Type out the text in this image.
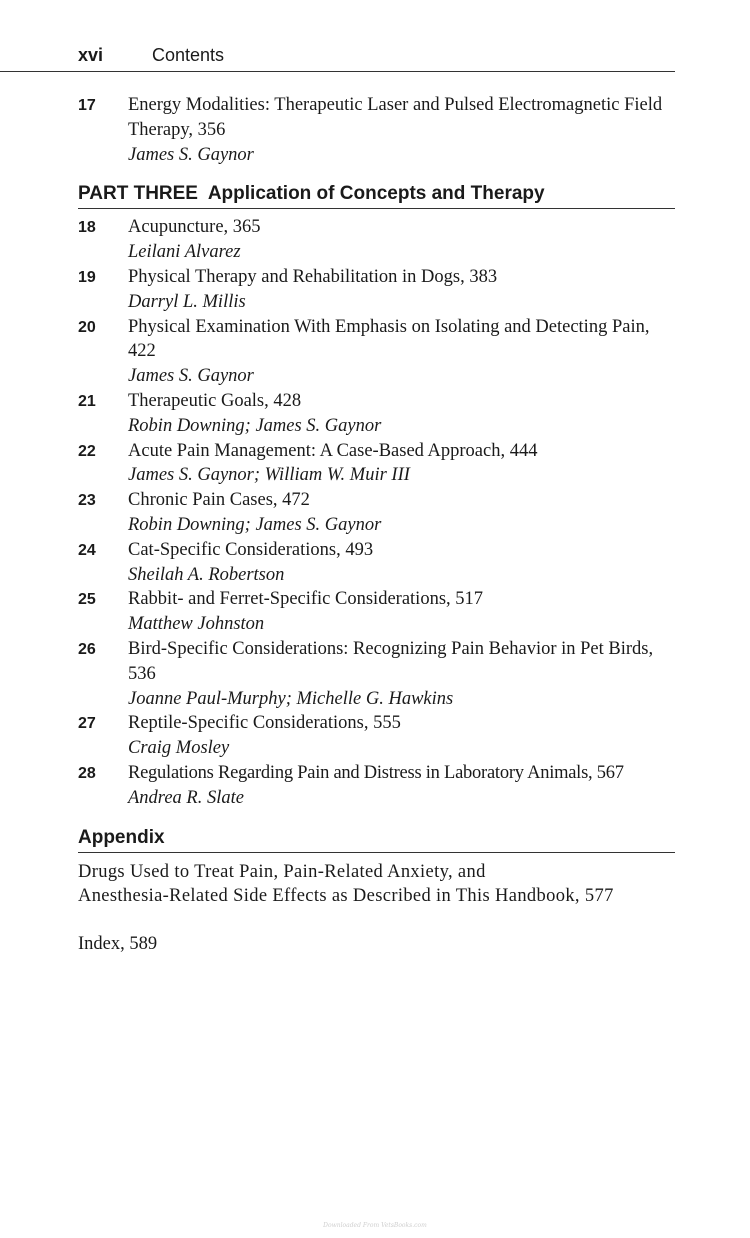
xvi	Contents
17	Energy Modalities: Therapeutic Laser and Pulsed Electromagnetic Field Therapy, 356
James S. Gaynor
PART THREE  Application of Concepts and Therapy
18	Acupuncture, 365
Leilani Alvarez
19	Physical Therapy and Rehabilitation in Dogs, 383
Darryl L. Millis
20	Physical Examination With Emphasis on Isolating and Detecting Pain, 422
James S. Gaynor
21	Therapeutic Goals, 428
Robin Downing; James S. Gaynor
22	Acute Pain Management: A Case-Based Approach, 444
James S. Gaynor; William W. Muir III
23	Chronic Pain Cases, 472
Robin Downing; James S. Gaynor
24	Cat-Specific Considerations, 493
Sheilah A. Robertson
25	Rabbit- and Ferret-Specific Considerations, 517
Matthew Johnston
26	Bird-Specific Considerations: Recognizing Pain Behavior in Pet Birds, 536
Joanne Paul-Murphy; Michelle G. Hawkins
27	Reptile-Specific Considerations, 555
Craig Mosley
28	Regulations Regarding Pain and Distress in Laboratory Animals, 567
Andrea R. Slate
Appendix
Drugs Used to Treat Pain, Pain-Related Anxiety, and
Anesthesia-Related Side Effects as Described in This Handbook, 577
Index, 589
Downloaded From VetsBooks.com
